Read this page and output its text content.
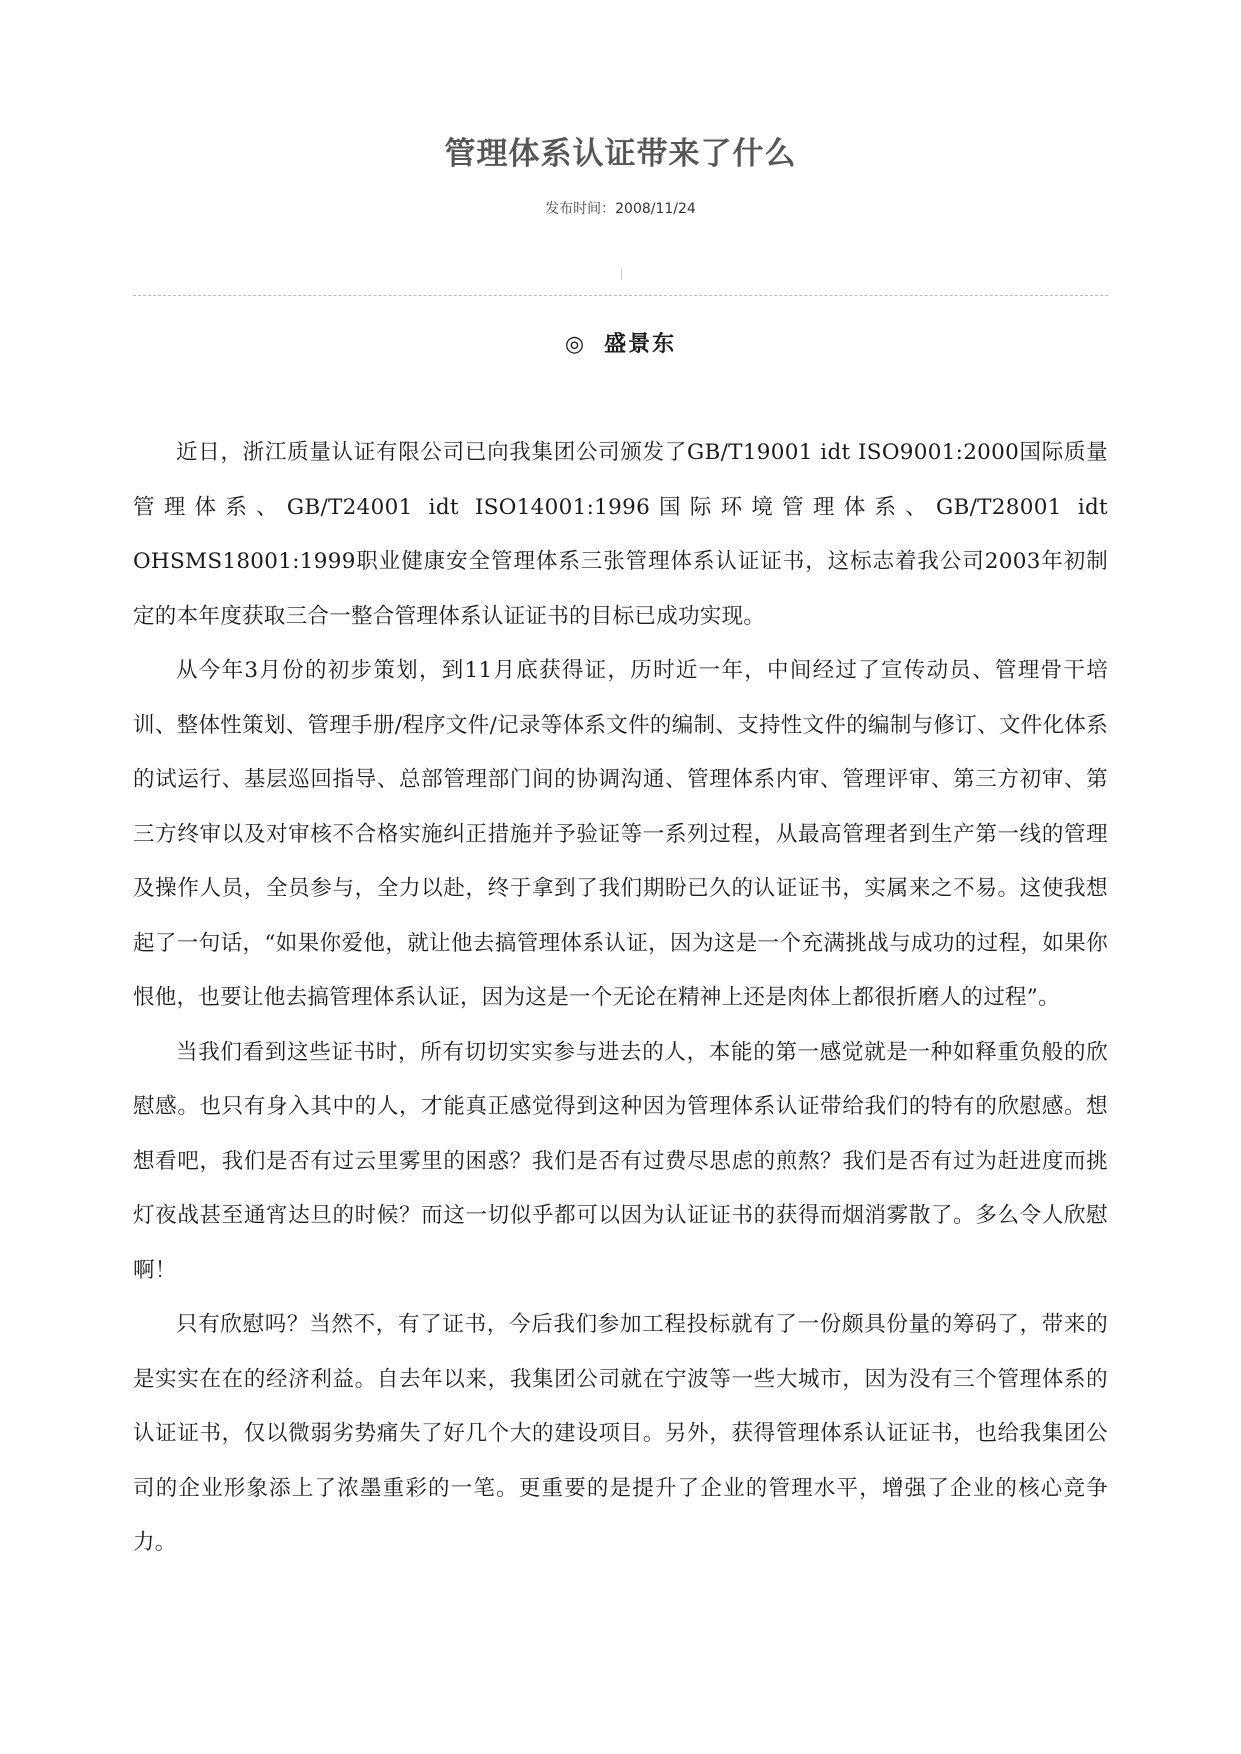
管理体系认证带来了什么
发布时间：2008/11/24
◎ 盛景东

近日，浙江质量认证有限公司已向我集团公司颁发了GB/T19001 idt ISO9001:2000国际质量管理体系、GB/T24001 idt ISO14001:1996国际环境管理体系、GB/T28001 idt OHSMS18001:1999职业健康安全管理体系三张管理体系认证证书，这标志着我公司2003年初制定的本年度获取三合一整合管理体系认证证书的目标已成功实现。

从今年3月份的初步策划，到11月底获得证，历时近一年，中间经过了宣传动员、管理骨干培训、整体性策划、管理手册/程序文件/记录等体系文件的编制、支持性文件的编制与修订、文件化体系的试运行、基层巡回指导、总部管理部门间的协调沟通、管理体系内审、管理评审、第三方初审、第三方终审以及对审核不合格实施纠正措施并予验证等一系列过程，从最高管理者到生产第一线的管理及操作人员，全员参与，全力以赴，终于拿到了我们期盼已久的认证证书，实属来之不易。这使我想起了一句话，“如果你爱他，就让他去搞管理体系认证，因为这是一个充满挑战与成功的过程，如果你恨他，也要让他去搞管理体系认证，因为这是一个无论在精神上还是肉体上都很折磨人的过程”。

当我们看到这些证书时，所有切切实实参与进去的人，本能的第一感觉就是一种如释重负般的欣慰感。也只有身入其中的人，才能真正感觉得到这种因为管理体系认证带给我们的特有的欣慰感。想想看吧，我们是否有过云里雾里的困惑？我们是否有过费尽思虑的煎熬？我们是否有过为赶进度而挑灯夜战甚至通宵达旦的时候？而这一切似乎都可以因为认证证书的获得而烟消雾散了。多么令人欣慰啊！

只有欣慰吗？当然不，有了证书，今后我们参加工程投标就有了一份颇具份量的筹码了，带来的是实实在在的经济利益。自去年以来，我集团公司就在宁波等一些大城市，因为没有三个管理体系的认证证书，仅以微弱劣势痛失了好几个大的建设项目。另外，获得管理体系认证证书，也给我集团公司的企业形象添上了浓墨重彩的一笔。更重要的是提升了企业的管理水平，增强了企业的核心竞争力。
